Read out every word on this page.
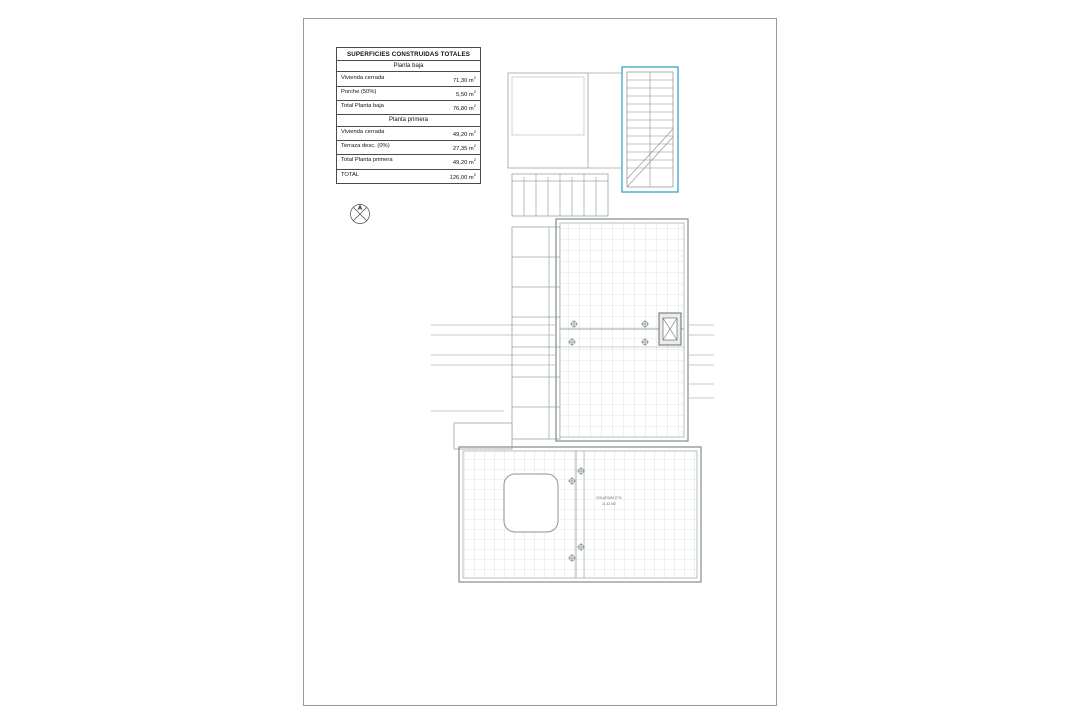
SUPERFICIES CONSTRUIDAS TOTALES
Planta baja
Vivienda cerrada	71,30 $m^2$
Porche (50%)	5,50 $m^2$
Total Planta baja	76,80 $m^2$
Planta primera
Vivienda cerrada	49,20 $m^2$
Terraza desc. (0%)	27,35 $m^2$
Total Planta primera	49,20 $m^2$
TOTAL	126,00 $m^2$
SOLARIUM 27%
11,42 M2
